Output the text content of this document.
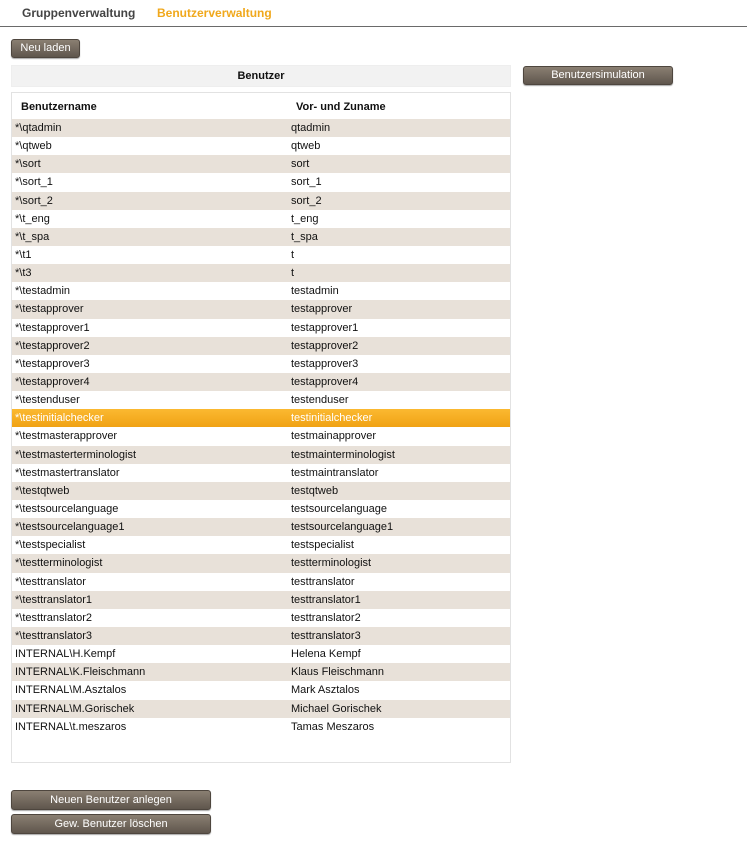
Gruppenverwaltung Benutzerverwaltung
Neu laden
Benutzer	Benutzersimulation
Benutzername	Vor- und Zuname
*\qtadmin	qtadmin
*\qtweb	qtweb
*\sort	sort
*\sort_1	sort_1
*\sort_2	sort_2
*\t_eng	t_eng
*\t_spa	t_spa
*\t1	t
*\t3	t
*\testadmin	testadmin
*\testapprover	testapprover
*\testapprover1	testapprover1
*\testapprover2	testapprover2
*\testapprover3	testapprover3
*\testapprover4	testapprover4
*\testenduser	testenduser
*\testinitialchecker	testinitialchecker
*\testmasterapprover	testmainapprover
*\testmasterterminologist	testmainterminologist
*\testmastertranslator	testmaintranslator
*\testqtweb	testqtweb
*\testsourcelanguage	testsourcelanguage
*\testsourcelanguage1	testsourcelanguage1
*\testspecialist	testspecialist
*\testterminologist	testterminologist
*\testtranslator	testtranslator
*\testtranslator1	testtranslator1
*\testtranslator2	testtranslator2
*\testtranslator3	testtranslator3
INTERNAL\H.Kempf	Helena Kempf
INTERNAL\K.Fleischmann	Klaus Fleischmann
INTERNAL\M.Asztalos	Mark Asztalos
INTERNAL\M.Gorischek	Michael Gorischek
INTERNAL\t.meszaros	Tamas Meszaros
Neuen Benutzer anlegen
Gew. Benutzer löschen
